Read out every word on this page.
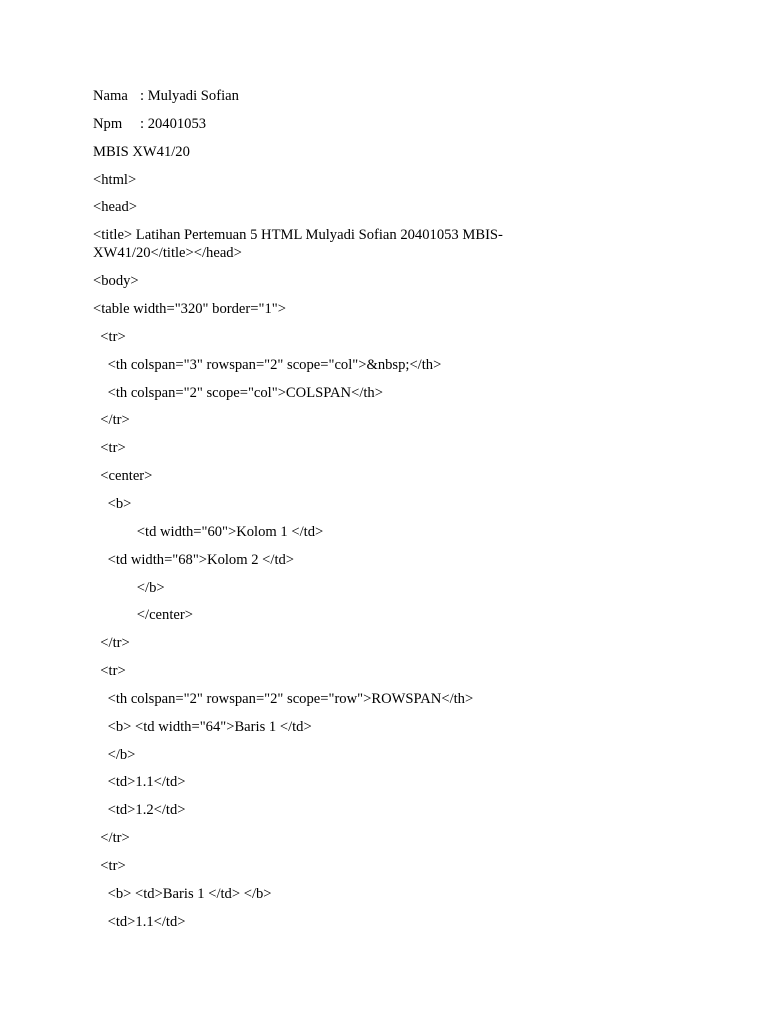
Nama : Mulyadi Sofian
Npm : 20401053
MBIS XW41/20
<html>
<head>
<title> Latihan Pertemuan 5 HTML Mulyadi Sofian 20401053 MBIS-XW41/20</title></head>
<body>
<table width="320" border="1">
<tr>
<th colspan="3" rowspan="2" scope="col">&nbsp;</th>
<th colspan="2" scope="col">COLSPAN</th>
</tr>
<tr>
<center>
<b>
<td width="60">Kolom 1 </td>
<td width="68">Kolom 2 </td>
</b>
</center>
</tr>
<tr>
<th colspan="2" rowspan="2" scope="row">ROWSPAN</th>
<b> <td width="64">Baris 1 </td>
</b>
<td>1.1</td>
<td>1.2</td>
</tr>
<tr>
<b> <td>Baris 1 </td> </b>
<td>1.1</td>
